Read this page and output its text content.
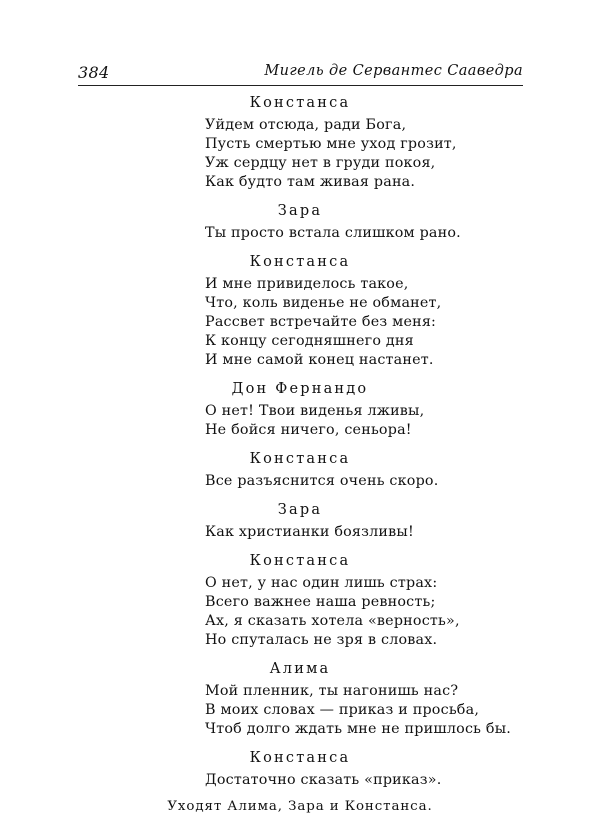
384	Мигель де Сервантес Сааведра
Констанса
Уйдем отсюда, ради Бога,
Пусть смертью мне уход грозит,
Уж сердцу нет в груди покоя,
Как будто там живая рана.
Зара
Ты просто встала слишком рано.
Констанса
И мне привиделось такое,
Что, коль виденье не обманет,
Рассвет встречайте без меня:
К концу сегодняшнего дня
И мне самой конец настанет.
Дон Фернандо
О нет! Твои виденья лживы,
Не бойся ничего, сеньора!
Констанса
Все разъяснится очень скоро.
Зара
Как христианки боязливы!
Констанса
О нет, у нас один лишь страх:
Всего важнее наша ревность;
Ах, я сказать хотела «верность»,
Но спуталась не зря в словах.
Алима
Мой пленник, ты нагонишь нас?
В моих словах — приказ и просьба,
Чтоб долго ждать мне не пришлось бы.
Констанса
Достаточно сказать «приказ».
Уходят Алима, Зара и Констанса.
